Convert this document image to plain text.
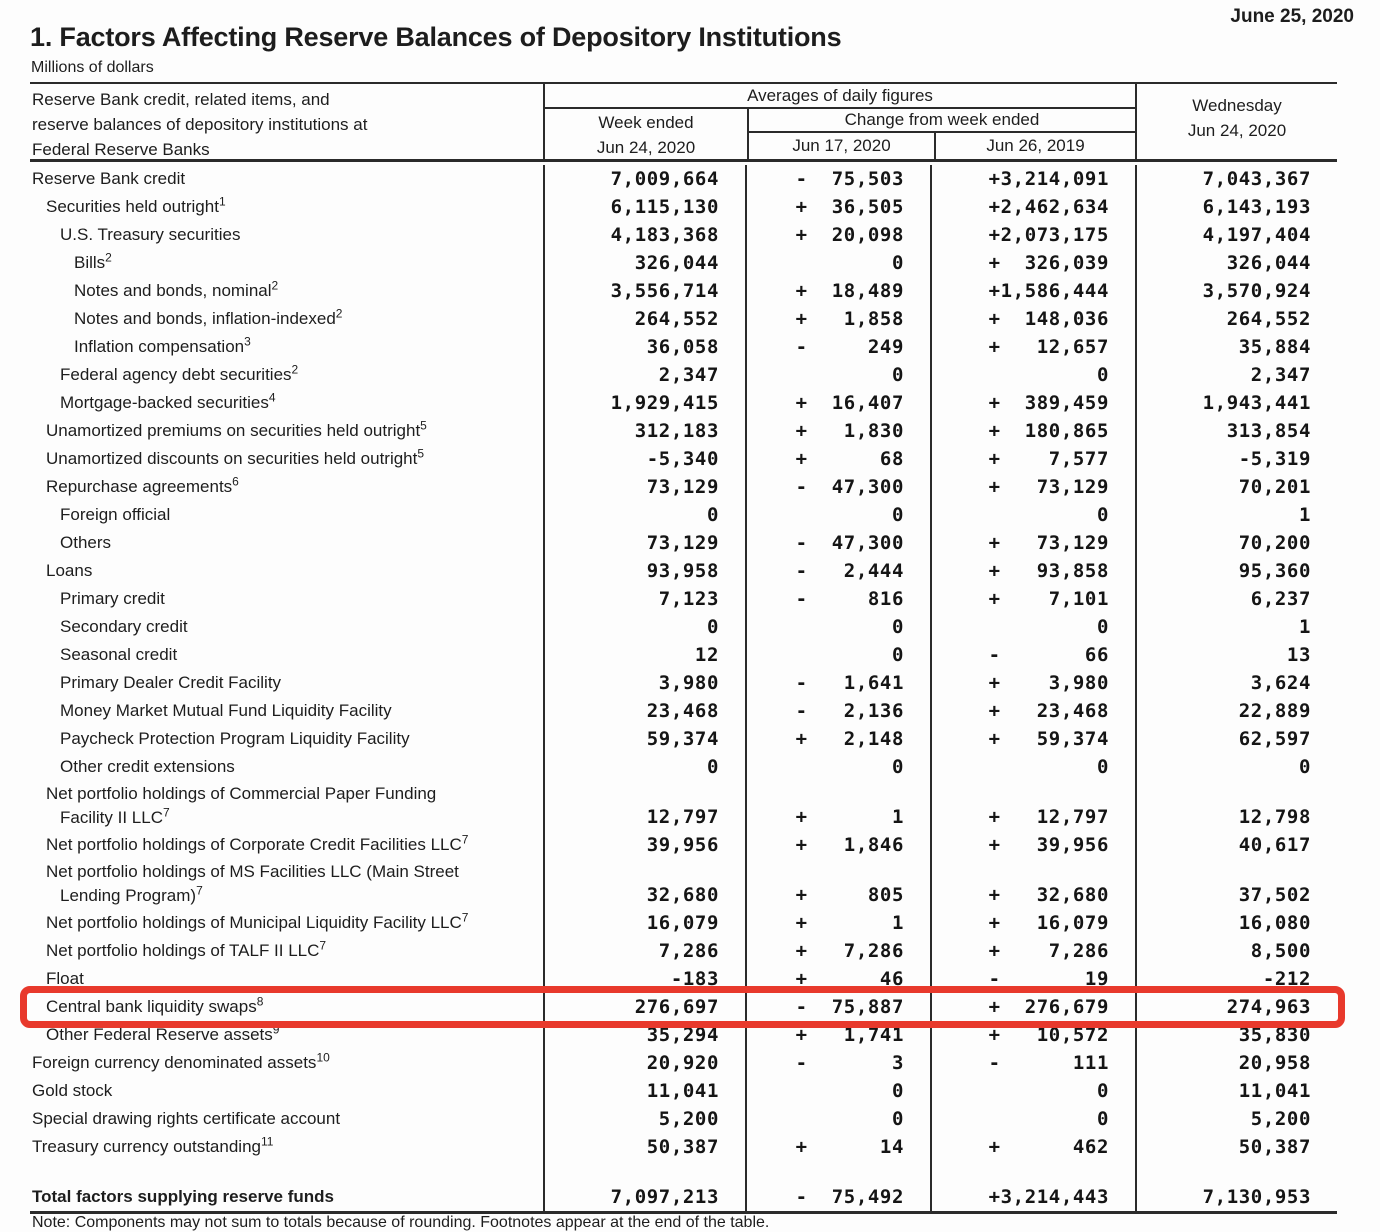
June 25, 2020
1. Factors Affecting Reserve Balances of Depository Institutions
Millions of dollars
Reserve Bank credit, related items, and
reserve balances of depository institutions at
Federal Reserve Banks
Averages of daily figures
Week ended
Jun 24, 2020
Change from week ended
Jun 17, 2020	Jun 26, 2019
Wednesday
Jun 24, 2020
Reserve Bank credit	7,009,664	-  75,503	+3,214,091	7,043,367
Securities held outright$^1$	6,115,130	+  36,505	+2,462,634	6,143,193
U.S. Treasury securities	4,183,368	+  20,098	+2,073,175	4,197,404
Bills$^2$	326,044	0	+  326,039	326,044
Notes and bonds, nominal$^2$	3,556,714	+  18,489	+1,586,444	3,570,924
Notes and bonds, inflation-indexed$^2$	264,552	+   1,858	+  148,036	264,552
Inflation compensation$^3$	36,058	-     249	+   12,657	35,884
Federal agency debt securities$^2$	2,347	0	0	2,347
Mortgage-backed securities$^4$	1,929,415	+  16,407	+  389,459	1,943,441
Unamortized premiums on securities held outright$^5$	312,183	+   1,830	+  180,865	313,854
Unamortized discounts on securities held outright$^5$	-5,340	+      68	+    7,577	-5,319
Repurchase agreements$^6$	73,129	-  47,300	+   73,129	70,201
Foreign official	0	0	0	1
Others	73,129	-  47,300	+   73,129	70,200
Loans	93,958	-   2,444	+   93,858	95,360
Primary credit	7,123	-     816	+    7,101	6,237
Secondary credit	0	0	0	1
Seasonal credit	12	0	-       66	13
Primary Dealer Credit Facility	3,980	-   1,641	+    3,980	3,624
Money Market Mutual Fund Liquidity Facility	23,468	-   2,136	+   23,468	22,889
Paycheck Protection Program Liquidity Facility	59,374	+   2,148	+   59,374	62,597
Other credit extensions	0	0	0	0
Net portfolio holdings of Commercial Paper Funding
Facility II LLC$^7$	12,797	+       1	+   12,797	12,798
Net portfolio holdings of Corporate Credit Facilities LLC$^7$	39,956	+   1,846	+   39,956	40,617
Net portfolio holdings of MS Facilities LLC (Main Street
Lending Program)$^7$	32,680	+     805	+   32,680	37,502
Net portfolio holdings of Municipal Liquidity Facility LLC$^7$	16,079	+       1	+   16,079	16,080
Net portfolio holdings of TALF II LLC$^7$	7,286	+   7,286	+    7,286	8,500
Float	-183	+      46	-       19	-212
Central bank liquidity swaps$^8$	276,697	-  75,887	+  276,679	274,963
Other Federal Reserve assets$^9$	35,294	+   1,741	+   10,572	35,830
Foreign currency denominated assets$^{10}$	20,920	-       3	-      111	20,958
Gold stock	11,041	0	0	11,041
Special drawing rights certificate account	5,200	0	0	5,200
Treasury currency outstanding$^{11}$	50,387	+      14	+      462	50,387
Total factors supplying reserve funds	7,097,213	-  75,492	+3,214,443	7,130,953
Note: Components may not sum to totals because of rounding. Footnotes appear at the end of the table.
